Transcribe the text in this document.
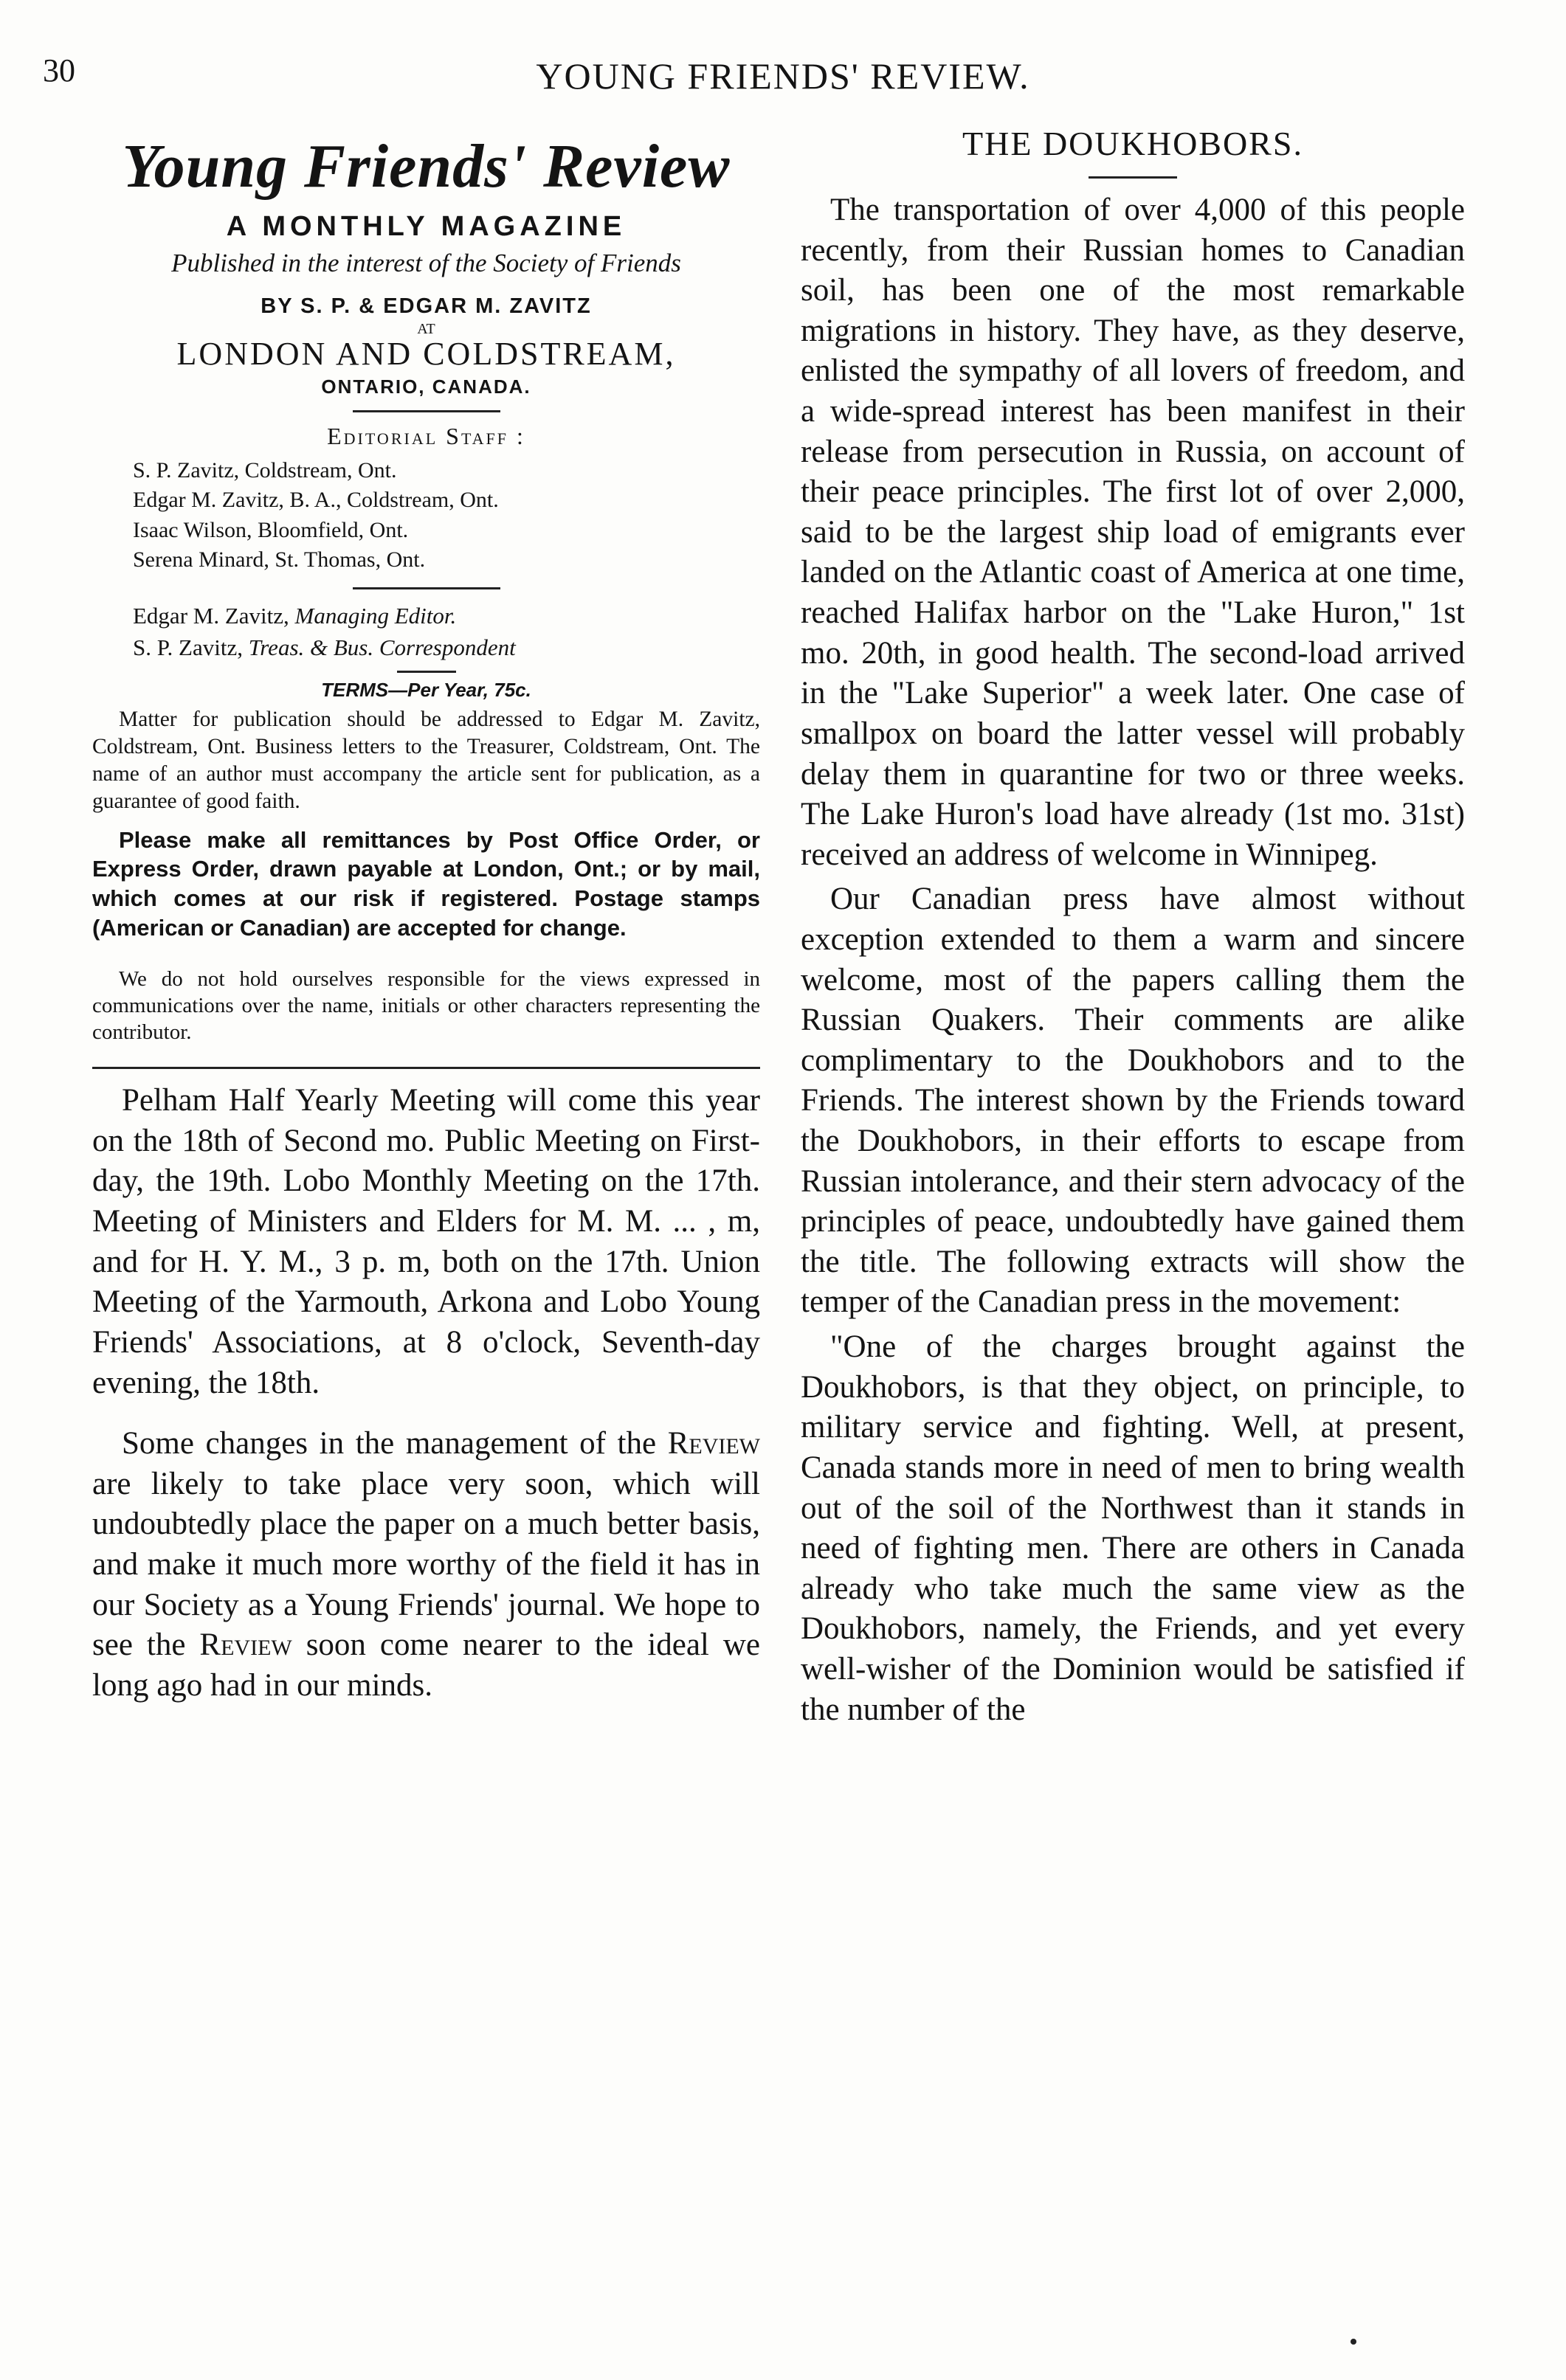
30	YOUNG FRIENDS' REVIEW.
Young Friends' Review
A MONTHLY MAGAZINE
Published in the interest of the Society of Friends
BY S. P. & EDGAR M. ZAVITZ
AT
LONDON AND COLDSTREAM,
ONTARIO, CANADA.
Editorial Staff :
S. P. Zavitz, Coldstream, Ont.
Edgar M. Zavitz, B. A., Coldstream, Ont.
Isaac Wilson, Bloomfield, Ont.
Serena Minard, St. Thomas, Ont.
Edgar M. Zavitz, Managing Editor.
S. P. Zavitz, Treas. & Bus. Correspondent
TERMS—Per Year, 75c.

Matter for publication should be addressed to Edgar M. Zavitz, Coldstream, Ont. Business letters to the Treasurer, Coldstream, Ont. The name of an author must accompany the article sent for publication, as a guarantee of good faith.

Please make all remittances by Post Office Order, or Express Order, drawn payable at London, Ont.; or by mail, which comes at our risk if registered. Postage stamps (American or Canadian) are accepted for change.

We do not hold ourselves responsible for the views expressed in communications over the name, initials or other characters representing the contributor.

Pelham Half Yearly Meeting will come this year on the 18th of Second mo. Public Meeting on First-day, the 19th. Lobo Monthly Meeting on the 17th. Meeting of Ministers and Elders for M. M. ... , m, and for H. Y. M., 3 p. m, both on the 17th. Union Meeting of the Yarmouth, Arkona and Lobo Young Friends' Associations, at 8 o'clock, Seventh-day evening, the 18th.

Some changes in the management of the Review are likely to take place very soon, which will undoubtedly place the paper on a much better basis, and make it much more worthy of the field it has in our Society as a Young Friends' journal. We hope to see the Review soon come nearer to the ideal we long ago had in our minds.

THE DOUKHOBORS.

The transportation of over 4,000 of this people recently, from their Russian homes to Canadian soil, has been one of the most remarkable migrations in history. They have, as they deserve, enlisted the sympathy of all lovers of freedom, and a wide-spread interest has been manifest in their release from persecution in Russia, on account of their peace principles. The first lot of over 2,000, said to be the largest ship load of emigrants ever landed on the Atlantic coast of America at one time, reached Halifax harbor on the "Lake Huron," 1st mo. 20th, in good health. The second-load arrived in the "Lake Superior" a week later. One case of smallpox on board the latter vessel will probably delay them in quarantine for two or three weeks. The Lake Huron's load have already (1st mo. 31st) received an address of welcome in Winnipeg.

Our Canadian press have almost without exception extended to them a warm and sincere welcome, most of the papers calling them the Russian Quakers. Their comments are alike complimentary to the Doukhobors and to the Friends. The interest shown by the Friends toward the Doukhobors, in their efforts to escape from Russian intolerance, and their stern advocacy of the principles of peace, undoubtedly have gained them the title. The following extracts will show the temper of the Canadian press in the movement:

"One of the charges brought against the Doukhobors, is that they object, on principle, to military service and fighting. Well, at present, Canada stands more in need of men to bring wealth out of the soil of the Northwest than it stands in need of fighting men. There are others in Canada already who take much the same view as the Doukhobors, namely, the Friends, and yet every well-wisher of the Dominion would be satisfied if the number of the
